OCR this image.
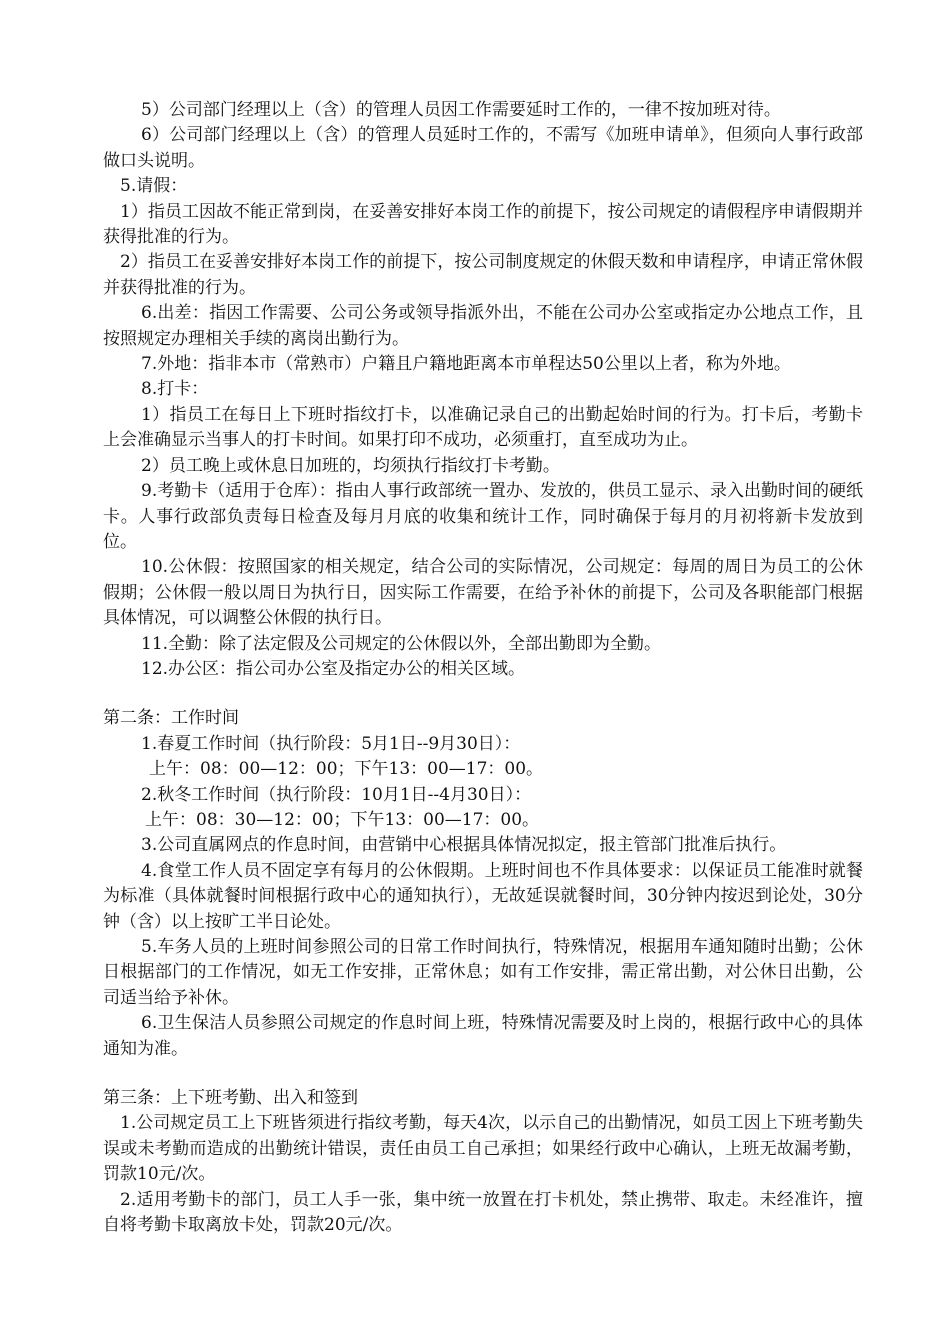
5）公司部门经理以上（含）的管理人员因工作需要延时工作的，一律不按加班对待。

6）公司部门经理以上（含）的管理人员延时工作的，不需写《加班申请单》，但须向人事行政部做口头说明。

5.请假：

1）指员工因故不能正常到岗，在妥善安排好本岗工作的前提下，按公司规定的请假程序申请假期并获得批准的行为。

2）指员工在妥善安排好本岗工作的前提下，按公司制度规定的休假天数和申请程序，申请正常休假并获得批准的行为。

6.出差：指因工作需要、公司公务或领导指派外出，不能在公司办公室或指定办公地点工作，且按照规定办理相关手续的离岗出勤行为。

7.外地：指非本市（常熟市）户籍且户籍地距离本市单程达50公里以上者，称为外地。

8.打卡：

1）指员工在每日上下班时指纹打卡，以准确记录自己的出勤起始时间的行为。打卡后，考勤卡上会准确显示当事人的打卡时间。如果打印不成功，必须重打，直至成功为止。

2）员工晚上或休息日加班的，均须执行指纹打卡考勤。

9.考勤卡（适用于仓库）：指由人事行政部统一置办、发放的，供员工显示、录入出勤时间的硬纸卡。人事行政部负责每日检查及每月月底的收集和统计工作，同时确保于每月的月初将新卡发放到位。

10.公休假：按照国家的相关规定，结合公司的实际情况，公司规定：每周的周日为员工的公休假期；公休假一般以周日为执行日，因实际工作需要，在给予补休的前提下，公司及各职能部门根据具体情况，可以调整公休假的执行日。

11.全勤：除了法定假及公司规定的公休假以外，全部出勤即为全勤。

12.办公区：指公司办公室及指定办公的相关区域。

第二条：工作时间

1.春夏工作时间（执行阶段：5月1日--9月30日）：

上午：08：00—12：00；下午13：00—17：00。

2.秋冬工作时间（执行阶段：10月1日--4月30日）：

上午：08：30—12：00；下午13：00—17：00。

3.公司直属网点的作息时间，由营销中心根据具体情况拟定，报主管部门批准后执行。

4.食堂工作人员不固定享有每月的公休假期。上班时间也不作具体要求：以保证员工能准时就餐为标准（具体就餐时间根据行政中心的通知执行），无故延误就餐时间，30分钟内按迟到论处，30分钟（含）以上按旷工半日论处。

5.车务人员的上班时间参照公司的日常工作时间执行，特殊情况，根据用车通知随时出勤；公休日根据部门的工作情况，如无工作安排，正常休息；如有工作安排，需正常出勤，对公休日出勤，公司适当给予补休。

6.卫生保洁人员参照公司规定的作息时间上班，特殊情况需要及时上岗的，根据行政中心的具体通知为准。

第三条：上下班考勤、出入和签到

1.公司规定员工上下班皆须进行指纹考勤，每天4次，以示自己的出勤情况，如员工因上下班考勤失误或未考勤而造成的出勤统计错误，责任由员工自己承担；如果经行政中心确认，上班无故漏考勤，罚款10元/次。

2.适用考勤卡的部门，员工人手一张，集中统一放置在打卡机处，禁止携带、取走。未经准许，擅自将考勤卡取离放卡处，罚款20元/次。
